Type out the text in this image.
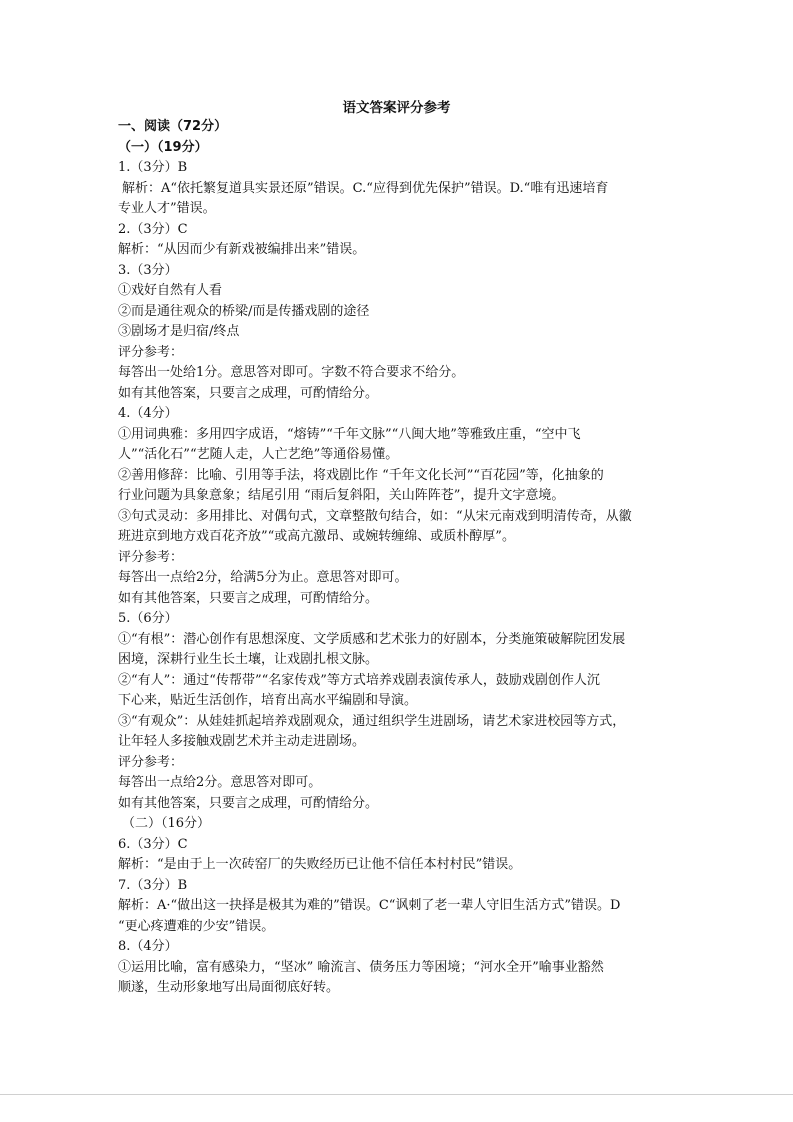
语文答案评分参考
一、阅读（72分）
（一）（19分）
1.（3分）B
解析：A“依托繁复道具实景还原”错误。C.“应得到优先保护”错误。D.“唯有迅速培育
专业人才”错误。
2.（3分）C
解析：“从因而少有新戏被编排出来”错误。
3.（3分）
①戏好自然有人看
②而是通往观众的桥梁/而是传播戏剧的途径
③剧场才是归宿/终点
评分参考：
每答出一处给1分。意思答对即可。字数不符合要求不给分。
如有其他答案，只要言之成理，可酌情给分。
4.（4分）
①用词典雅：多用四字成语，“熔铸”“千年文脉”“八闽大地”等雅致庄重，“空中飞
人”“活化石”“艺随人走，人亡艺绝”等通俗易懂。
②善用修辞：比喻、引用等手法，将戏剧比作 “千年文化长河”“百花园”等，化抽象的
行业问题为具象意象；结尾引用 “雨后复斜阳，关山阵阵苍”，提升文字意境。
③句式灵动：多用排比、对偶句式，文章整散句结合，如：“从宋元南戏到明清传奇，从徽
班进京到地方戏百花齐放”“或高亢激昂、或婉转缠绵、或质朴醇厚”。
评分参考：
每答出一点给2分，给满5分为止。意思答对即可。
如有其他答案，只要言之成理，可酌情给分。
5.（6分）
①“有根”：潜心创作有思想深度、文学质感和艺术张力的好剧本，分类施策破解院团发展
困境，深耕行业生长土壤，让戏剧扎根文脉。
②“有人”：通过“传帮带”“名家传戏”等方式培养戏剧表演传承人，鼓励戏剧创作人沉
下心来，贴近生活创作，培育出高水平编剧和导演。
③“有观众”：从娃娃抓起培养戏剧观众，通过组织学生进剧场，请艺术家进校园等方式，
让年轻人多接触戏剧艺术并主动走进剧场。
评分参考：
每答出一点给2分。意思答对即可。
如有其他答案，只要言之成理，可酌情给分。
（二）（16分）
6.（3分）C
解析：“是由于上一次砖窑厂的失败经历已让他不信任本村村民”错误。
7.（3分）B
解析：A·“做出这一抉择是极其为难的”错误。C“讽刺了老一辈人守旧生活方式”错误。D
“更心疼遭难的少安”错误。
8.（4分）
①运用比喻，富有感染力，“坚冰” 喻流言、债务压力等困境；“河水全开”喻事业豁然
顺遂，生动形象地写出局面彻底好转。
